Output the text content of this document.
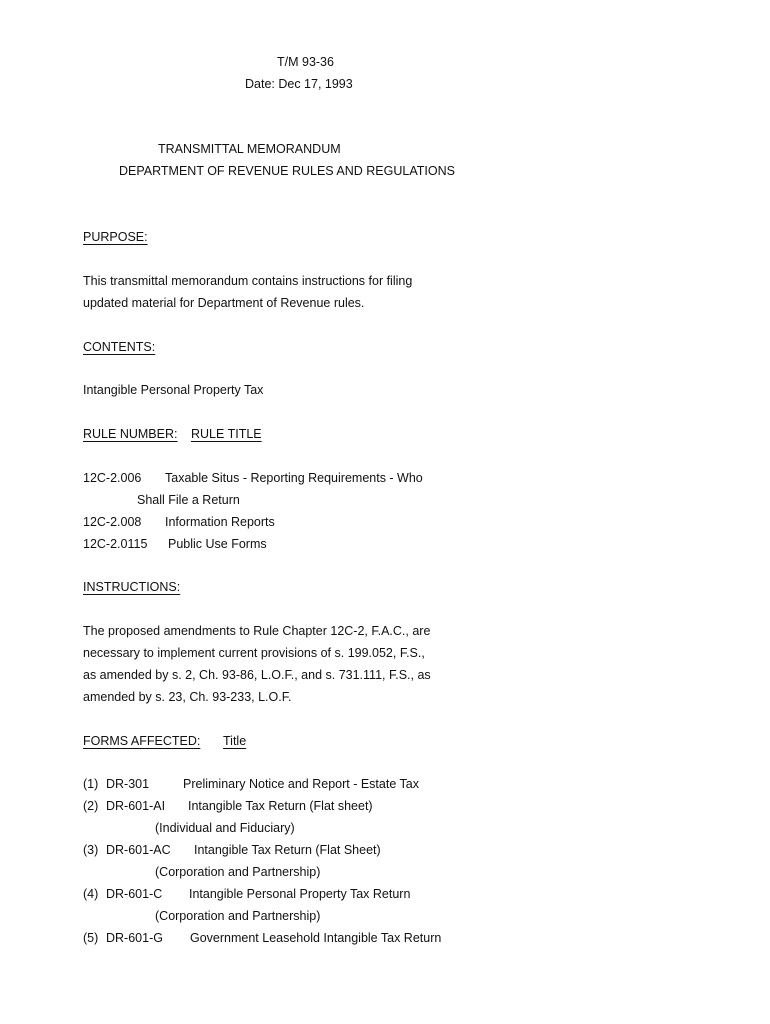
T/M 93-36
Date: Dec 17, 1993
TRANSMITTAL MEMORANDUM
DEPARTMENT OF REVENUE RULES AND REGULATIONS
PURPOSE:
This transmittal memorandum contains instructions for filing
updated material for Department of Revenue rules.
CONTENTS:
Intangible Personal Property Tax
RULE NUMBER: RULE TITLE
12C-2.006 Taxable Situs - Reporting Requirements - Who
Shall File a Return
12C-2.008 Information Reports
12C-2.0115 Public Use Forms
INSTRUCTIONS:
The proposed amendments to Rule Chapter 12C-2, F.A.C., are
necessary to implement current provisions of s. 199.052, F.S.,
as amended by s. 2, Ch. 93-86, L.O.F., and s. 731.111, F.S., as
amended by s. 23, Ch. 93-233, L.O.F.
FORMS AFFECTED: Title
(1) DR-301	Preliminary Notice and Report - Estate Tax
(2) DR-601-AI Intangible Tax Return (Flat sheet)
(Individual and Fiduciary)
(3) DR-601-AC Intangible Tax Return (Flat Sheet)
(Corporation and Partnership)
(4) DR-601-C Intangible Personal Property Tax Return
(Corporation and Partnership)
(5) DR-601-G Government Leasehold Intangible Tax Return
